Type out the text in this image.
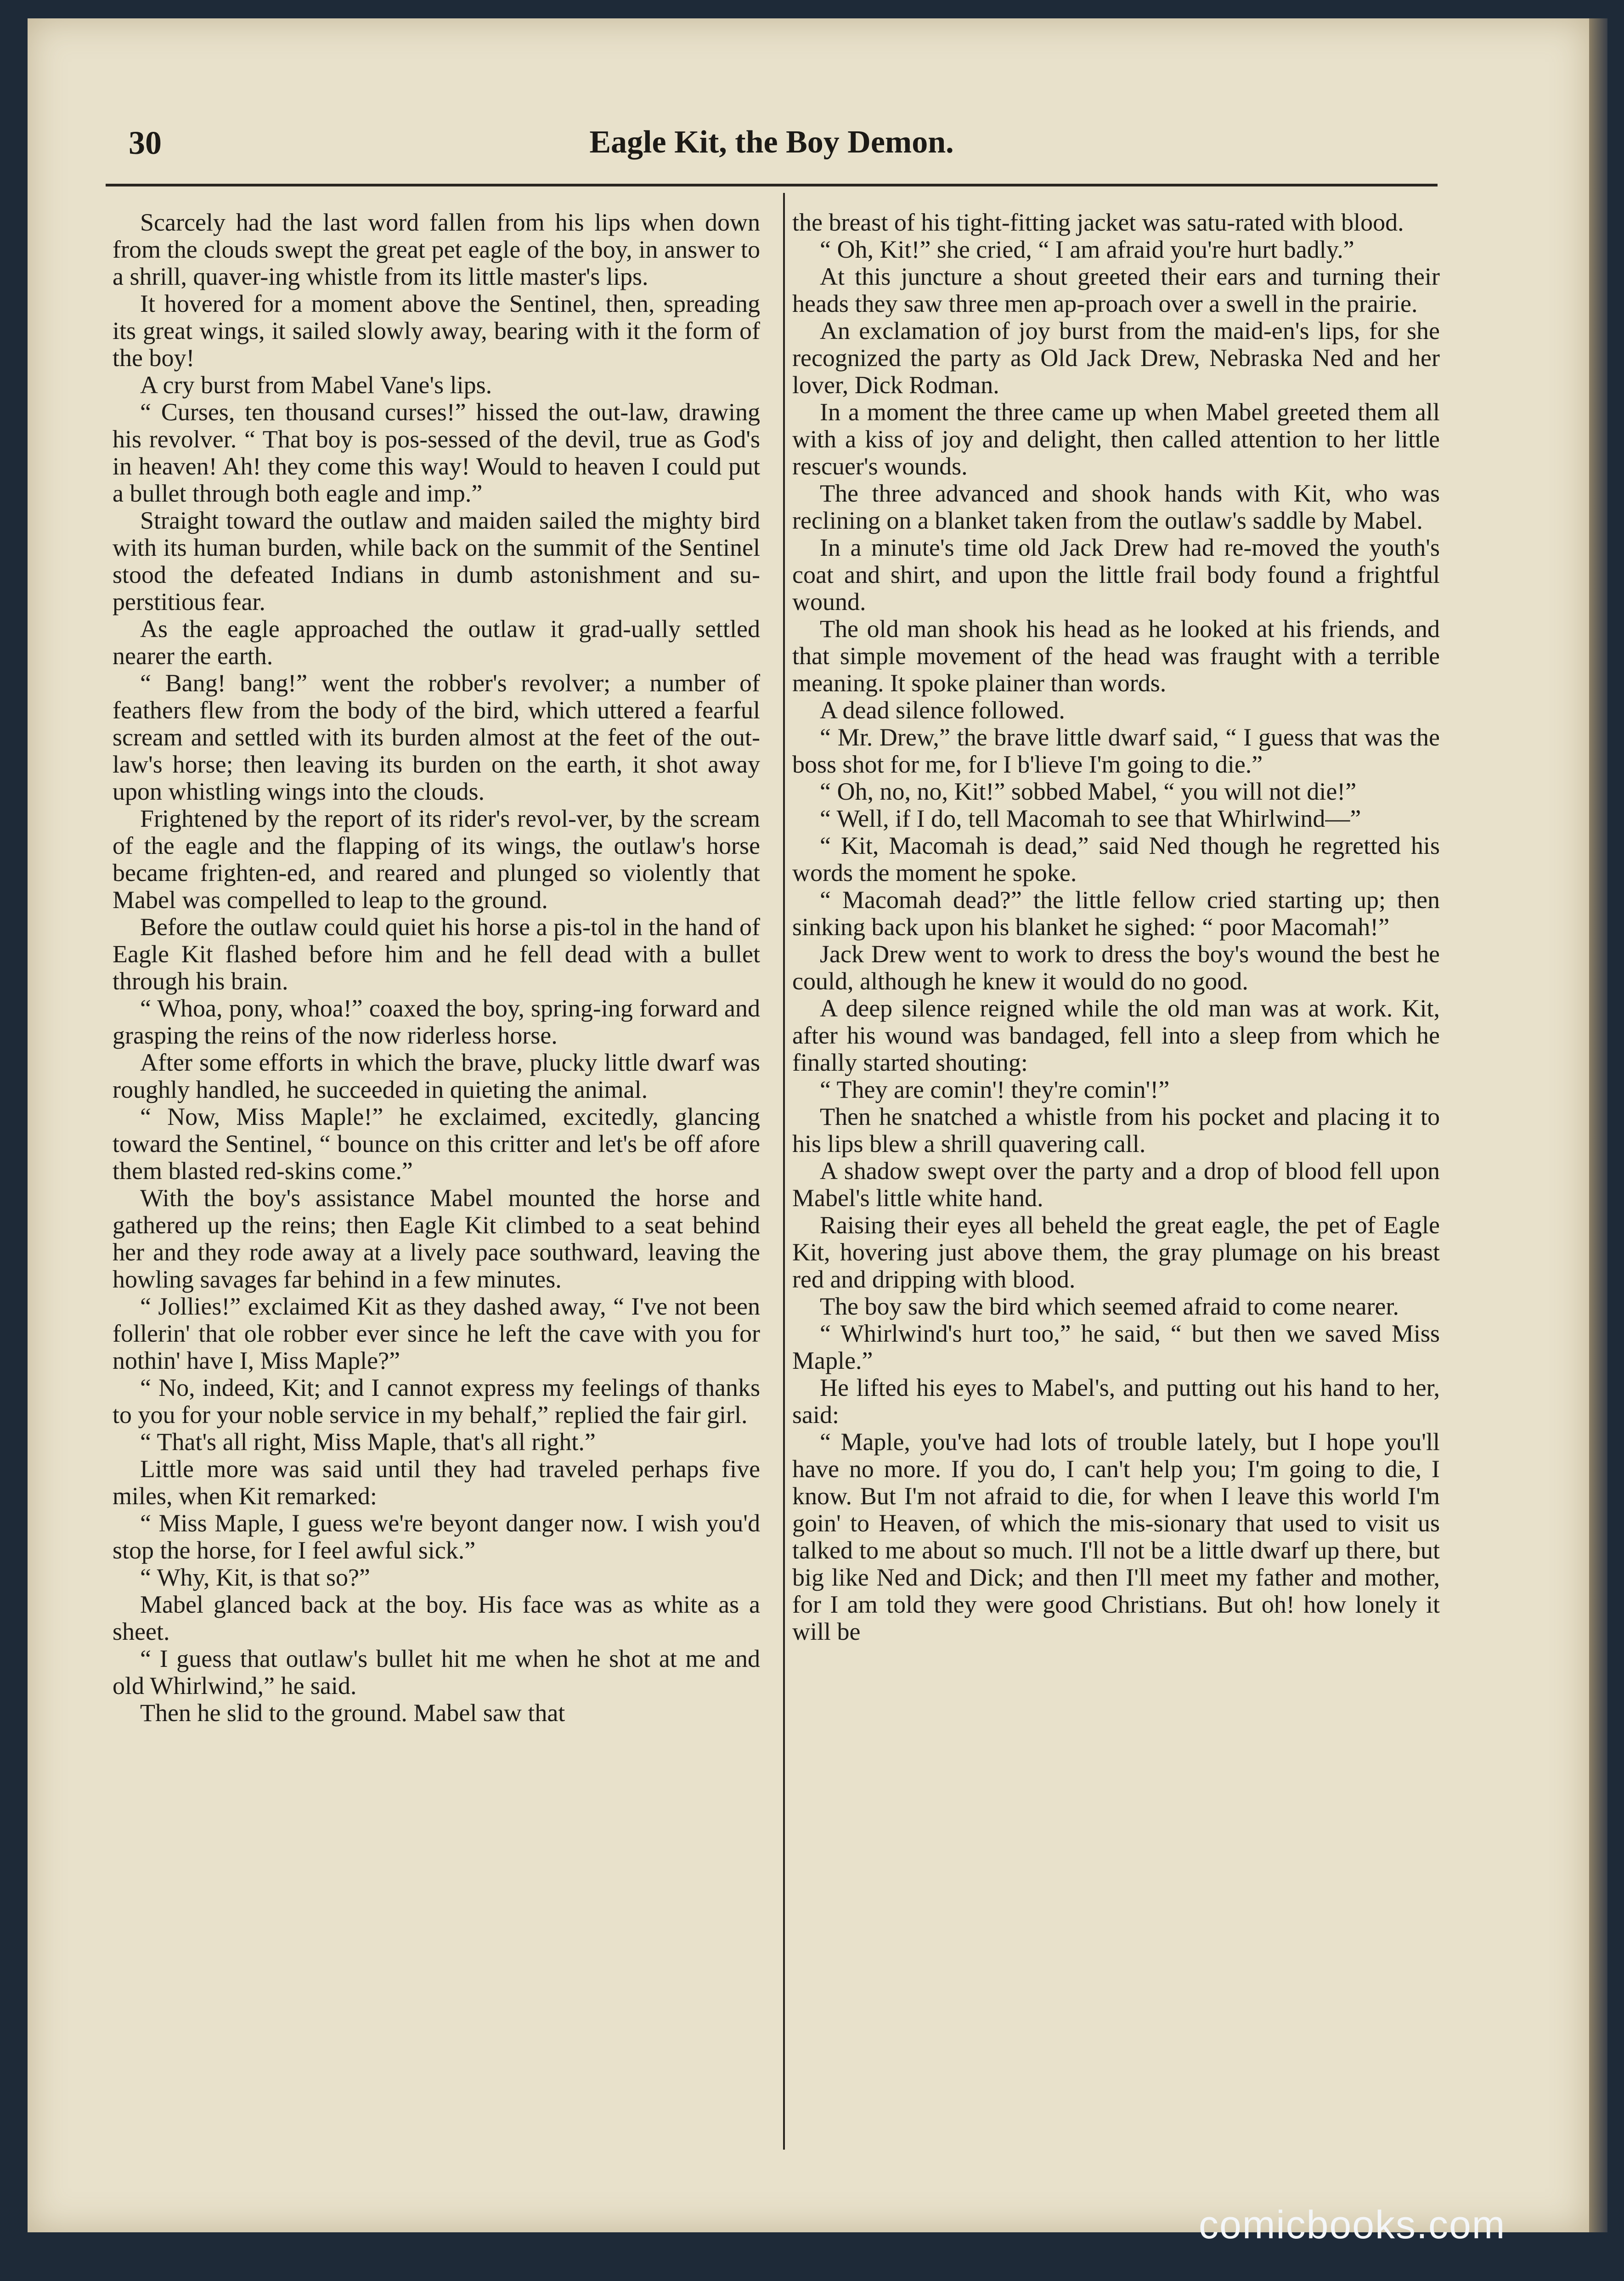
30	Eagle Kit, the Boy Demon.

Scarcely had the last word fallen from his lips when down from the clouds swept the great pet eagle of the boy, in answer to a shrill, quaver-ing whistle from its little master's lips.

It hovered for a moment above the Sentinel, then, spreading its great wings, it sailed slowly away, bearing with it the form of the boy!

A cry burst from Mabel Vane's lips.

“ Curses, ten thousand curses!” hissed the out-law, drawing his revolver. “ That boy is pos-sessed of the devil, true as God's in heaven! Ah! they come this way! Would to heaven I could put a bullet through both eagle and imp.”

Straight toward the outlaw and maiden sailed the mighty bird with its human burden, while back on the summit of the Sentinel stood the defeated Indians in dumb astonishment and su-perstitious fear.

As the eagle approached the outlaw it grad-ually settled nearer the earth.

“ Bang! bang!” went the robber's revolver; a number of feathers flew from the body of the bird, which uttered a fearful scream and settled with its burden almost at the feet of the out-law's horse; then leaving its burden on the earth, it shot away upon whistling wings into the clouds.

Frightened by the report of its rider's revol-ver, by the scream of the eagle and the flapping of its wings, the outlaw's horse became frighten-ed, and reared and plunged so violently that Mabel was compelled to leap to the ground.

Before the outlaw could quiet his horse a pis-tol in the hand of Eagle Kit flashed before him and he fell dead with a bullet through his brain.

“ Whoa, pony, whoa!” coaxed the boy, spring-ing forward and grasping the reins of the now riderless horse.

After some efforts in which the brave, plucky little dwarf was roughly handled, he succeeded in quieting the animal.

“ Now, Miss Maple!” he exclaimed, excitedly, glancing toward the Sentinel, “ bounce on this critter and let's be off afore them blasted red-skins come.”

With the boy's assistance Mabel mounted the horse and gathered up the reins; then Eagle Kit climbed to a seat behind her and they rode away at a lively pace southward, leaving the howling savages far behind in a few minutes.

“ Jollies!” exclaimed Kit as they dashed away, “ I've not been follerin' that ole robber ever since he left the cave with you for nothin' have I, Miss Maple?”

“ No, indeed, Kit; and I cannot express my feelings of thanks to you for your noble service in my behalf,” replied the fair girl.

“ That's all right, Miss Maple, that's all right.”

Little more was said until they had traveled perhaps five miles, when Kit remarked:

“ Miss Maple, I guess we're beyont danger now. I wish you'd stop the horse, for I feel awful sick.”

“ Why, Kit, is that so?”

Mabel glanced back at the boy. His face was as white as a sheet.

“ I guess that outlaw's bullet hit me when he shot at me and old Whirlwind,” he said.

Then he slid to the ground. Mabel saw that

the breast of his tight-fitting jacket was satu-rated with blood.

“ Oh, Kit!” she cried, “ I am afraid you're hurt badly.”

At this juncture a shout greeted their ears and turning their heads they saw three men ap-proach over a swell in the prairie.

An exclamation of joy burst from the maid-en's lips, for she recognized the party as Old Jack Drew, Nebraska Ned and her lover, Dick Rodman.

In a moment the three came up when Mabel greeted them all with a kiss of joy and delight, then called attention to her little rescuer's wounds.

The three advanced and shook hands with Kit, who was reclining on a blanket taken from the outlaw's saddle by Mabel.

In a minute's time old Jack Drew had re-moved the youth's coat and shirt, and upon the little frail body found a frightful wound.

The old man shook his head as he looked at his friends, and that simple movement of the head was fraught with a terrible meaning. It spoke plainer than words.

A dead silence followed.

“ Mr. Drew,” the brave little dwarf said, “ I guess that was the boss shot for me, for I b'lieve I'm going to die.”

“ Oh, no, no, Kit!” sobbed Mabel, “ you will not die!”

“ Well, if I do, tell Macomah to see that Whirlwind—”

“ Kit, Macomah is dead,” said Ned though he regretted his words the moment he spoke.

“ Macomah dead?” the little fellow cried starting up; then sinking back upon his blanket he sighed: “ poor Macomah!”

Jack Drew went to work to dress the boy's wound the best he could, although he knew it would do no good.

A deep silence reigned while the old man was at work. Kit, after his wound was bandaged, fell into a sleep from which he finally started shouting:

“ They are comin'! they're comin'!”

Then he snatched a whistle from his pocket and placing it to his lips blew a shrill quavering call.

A shadow swept over the party and a drop of blood fell upon Mabel's little white hand.

Raising their eyes all beheld the great eagle, the pet of Eagle Kit, hovering just above them, the gray plumage on his breast red and dripping with blood.

The boy saw the bird which seemed afraid to come nearer.

“ Whirlwind's hurt too,” he said, “ but then we saved Miss Maple.”

He lifted his eyes to Mabel's, and putting out his hand to her, said:

“ Maple, you've had lots of trouble lately, but I hope you'll have no more. If you do, I can't help you; I'm going to die, I know. But I'm not afraid to die, for when I leave this world I'm goin' to Heaven, of which the mis-sionary that used to visit us talked to me about so much. I'll not be a little dwarf up there, but big like Ned and Dick; and then I'll meet my father and mother, for I am told they were good Christians. But oh! how lonely it will be

comicbooks.com
